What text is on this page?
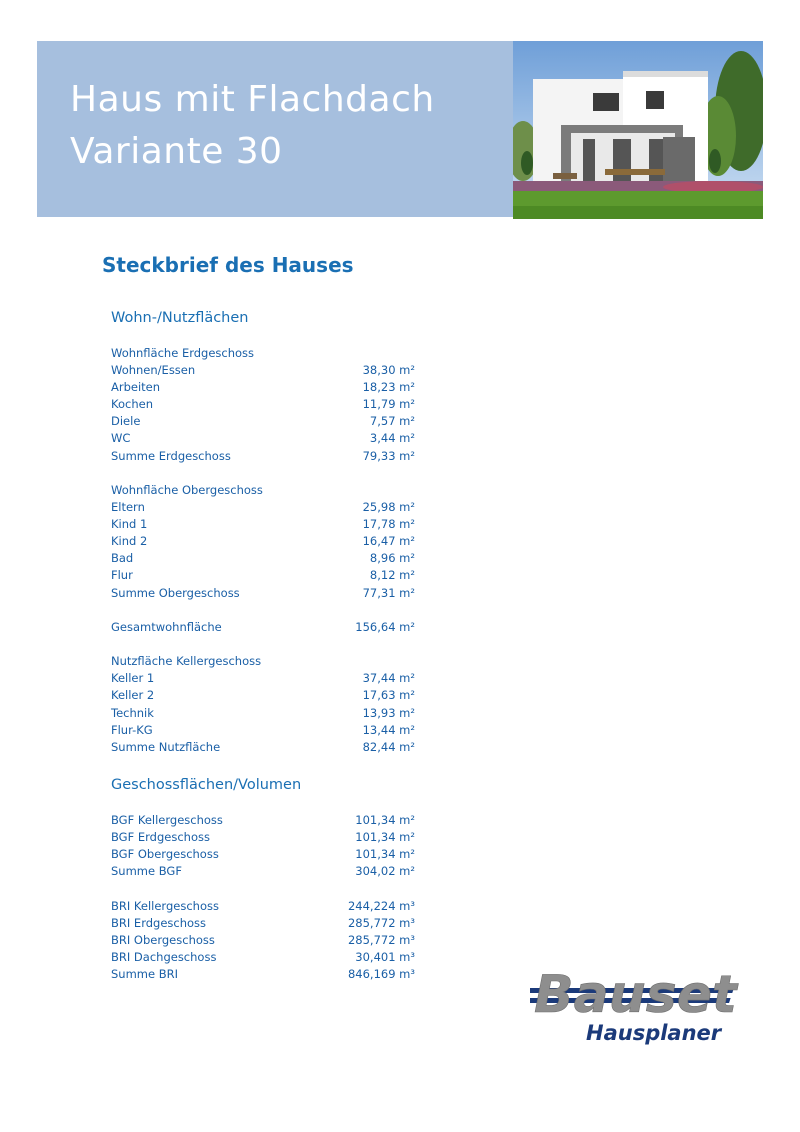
Haus mit Flachdach
Variante 30
Steckbrief des Hauses
Wohn-/Nutzflächen
Geschossflächen/Volumen
Wohnfläche Erdgeschoss
Wohnen/Essen	38,30 m²
Arbeiten	18,23 m²
Kochen	11,79 m²
Diele	7,57 m²
WC	3,44 m²
Summe Erdgeschoss	79,33 m²
Wohnfläche Obergeschoss
Eltern	25,98 m²
Kind 1	17,78 m²
Kind 2	16,47 m²
Bad	8,96 m²
Flur	8,12 m²
Summe Obergeschoss	77,31 m²
Gesamtwohnfläche	156,64 m²
Nutzfläche Kellergeschoss
Keller 1	37,44 m²
Keller 2	17,63 m²
Technik	13,93 m²
Flur-KG	13,44 m²
Summe Nutzfläche	82,44 m²
BGF Kellergeschoss	101,34 m²
BGF Erdgeschoss	101,34 m²
BGF Obergeschoss	101,34 m²
Summe BGF	304,02 m²
BRI Kellergeschoss	244,224 m³
BRI Erdgeschoss	285,772 m³
BRI Obergeschoss	285,772 m³
BRI Dachgeschoss	30,401 m³
Summe BRI	846,169 m³ Bauset
Hausplaner
